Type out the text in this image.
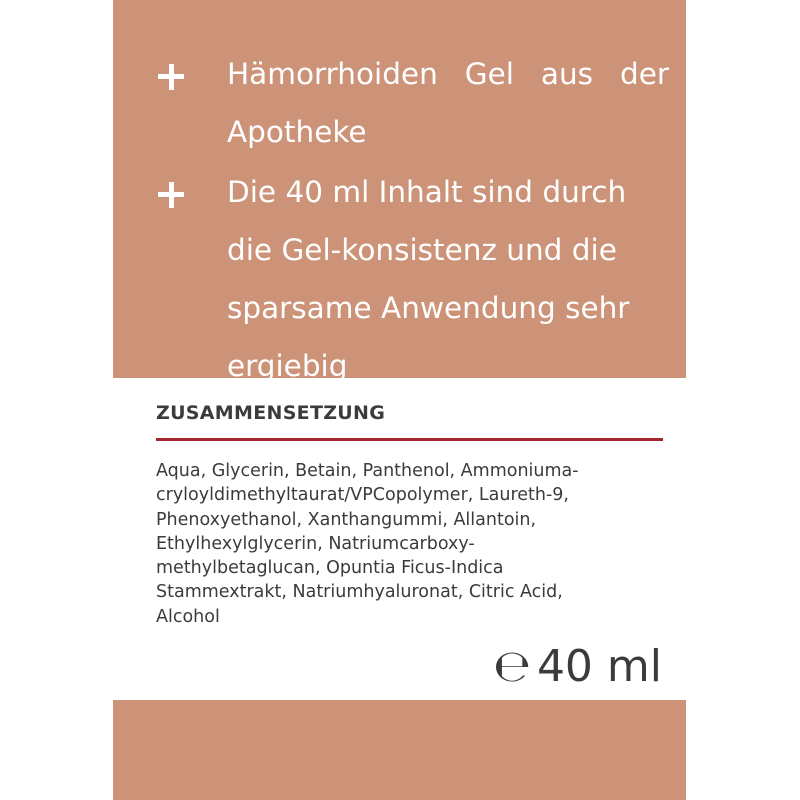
Hämorrhoiden Gel aus der Apotheke
Die 40 ml Inhalt sind durch die Gel-konsistenz und die sparsame Anwendung sehr ergiebig
ZUSAMMENSETZUNG
Aqua, Glycerin, Betain, Panthenol, Ammoniuma-
cryloyldimethyltaurat/VPCopolymer, Laureth-9,
Phenoxyethanol, Xanthangummi, Allantoin,
Ethylhexylglycerin, Natriumcarboxy-
methylbetaglucan, Opuntia Ficus-Indica
Stammextrakt, Natriumhyaluronat, Citric Acid,
Alcohol
℮ 40 ml
